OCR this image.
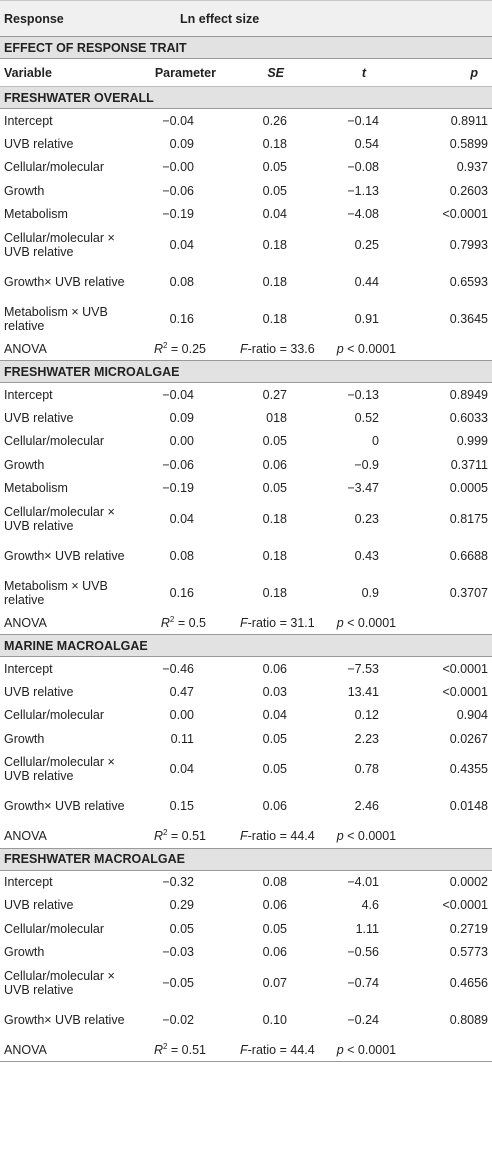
Response	Ln effect size			
EFFECT OF RESPONSE TRAIT				
Variable	Parameter	SE	t	p
FRESHWATER OVERALL				
Intercept	−0.04	0.26	−0.14	0.8911
UVB relative	0.09	0.18	0.54	0.5899
Cellular/molecular	−0.00	0.05	−0.08	0.937
Growth	−0.06	0.05	−1.13	0.2603
Metabolism	−0.19	0.04	−4.08	<0.0001
Cellular/molecular × UVB relative	0.04	0.18	0.25	0.7993
Growth× UVB relative	0.08	0.18	0.44	0.6593
Metabolism × UVB relative	0.16	0.18	0.91	0.3645
ANOVA	$R^2 = 0.25$	F-ratio = 33.6 p < 0.0001		
FRESHWATER MICROALGAE				
Intercept	−0.04	0.27	−0.13	0.8949
UVB relative	0.09	018	0.52	0.6033
Cellular/molecular	0.00	0.05	0	0.999
Growth	−0.06	0.06	−0.9	0.3711
Metabolism	−0.19	0.05	−3.47	0.0005
Cellular/molecular × UVB relative	0.04	0.18	0.23	0.8175
Growth× UVB relative	0.08	0.18	0.43	0.6688
Metabolism × UVB relative	0.16	0.18	0.9	0.3707
ANOVA	$R^2 = 0.5$	F-ratio = 31.1 p < 0.0001		
MARINE MACROALGAE				
Intercept	−0.46	0.06	−7.53	<0.0001
UVB relative	0.47	0.03	13.41	<0.0001
Cellular/molecular	0.00	0.04	0.12	0.904
Growth	0.11	0.05	2.23	0.0267
Cellular/molecular × UVB relative	0.04	0.05	0.78	0.4355
Growth× UVB relative	0.15	0.06	2.46	0.0148
ANOVA	$R^2 = 0.51$	F-ratio = 44.4 p < 0.0001		
FRESHWATER MACROALGAE				
Intercept	−0.32	0.08	−4.01	0.0002
UVB relative	0.29	0.06	4.6	<0.0001
Cellular/molecular	0.05	0.05	1.11	0.2719
Growth	−0.03	0.06	−0.56	0.5773
Cellular/molecular × UVB relative	−0.05	0.07	−0.74	0.4656
Growth× UVB relative	−0.02	0.10	−0.24	0.8089
ANOVA	$R^2 = 0.51$	F-ratio = 44.4 p < 0.0001		
